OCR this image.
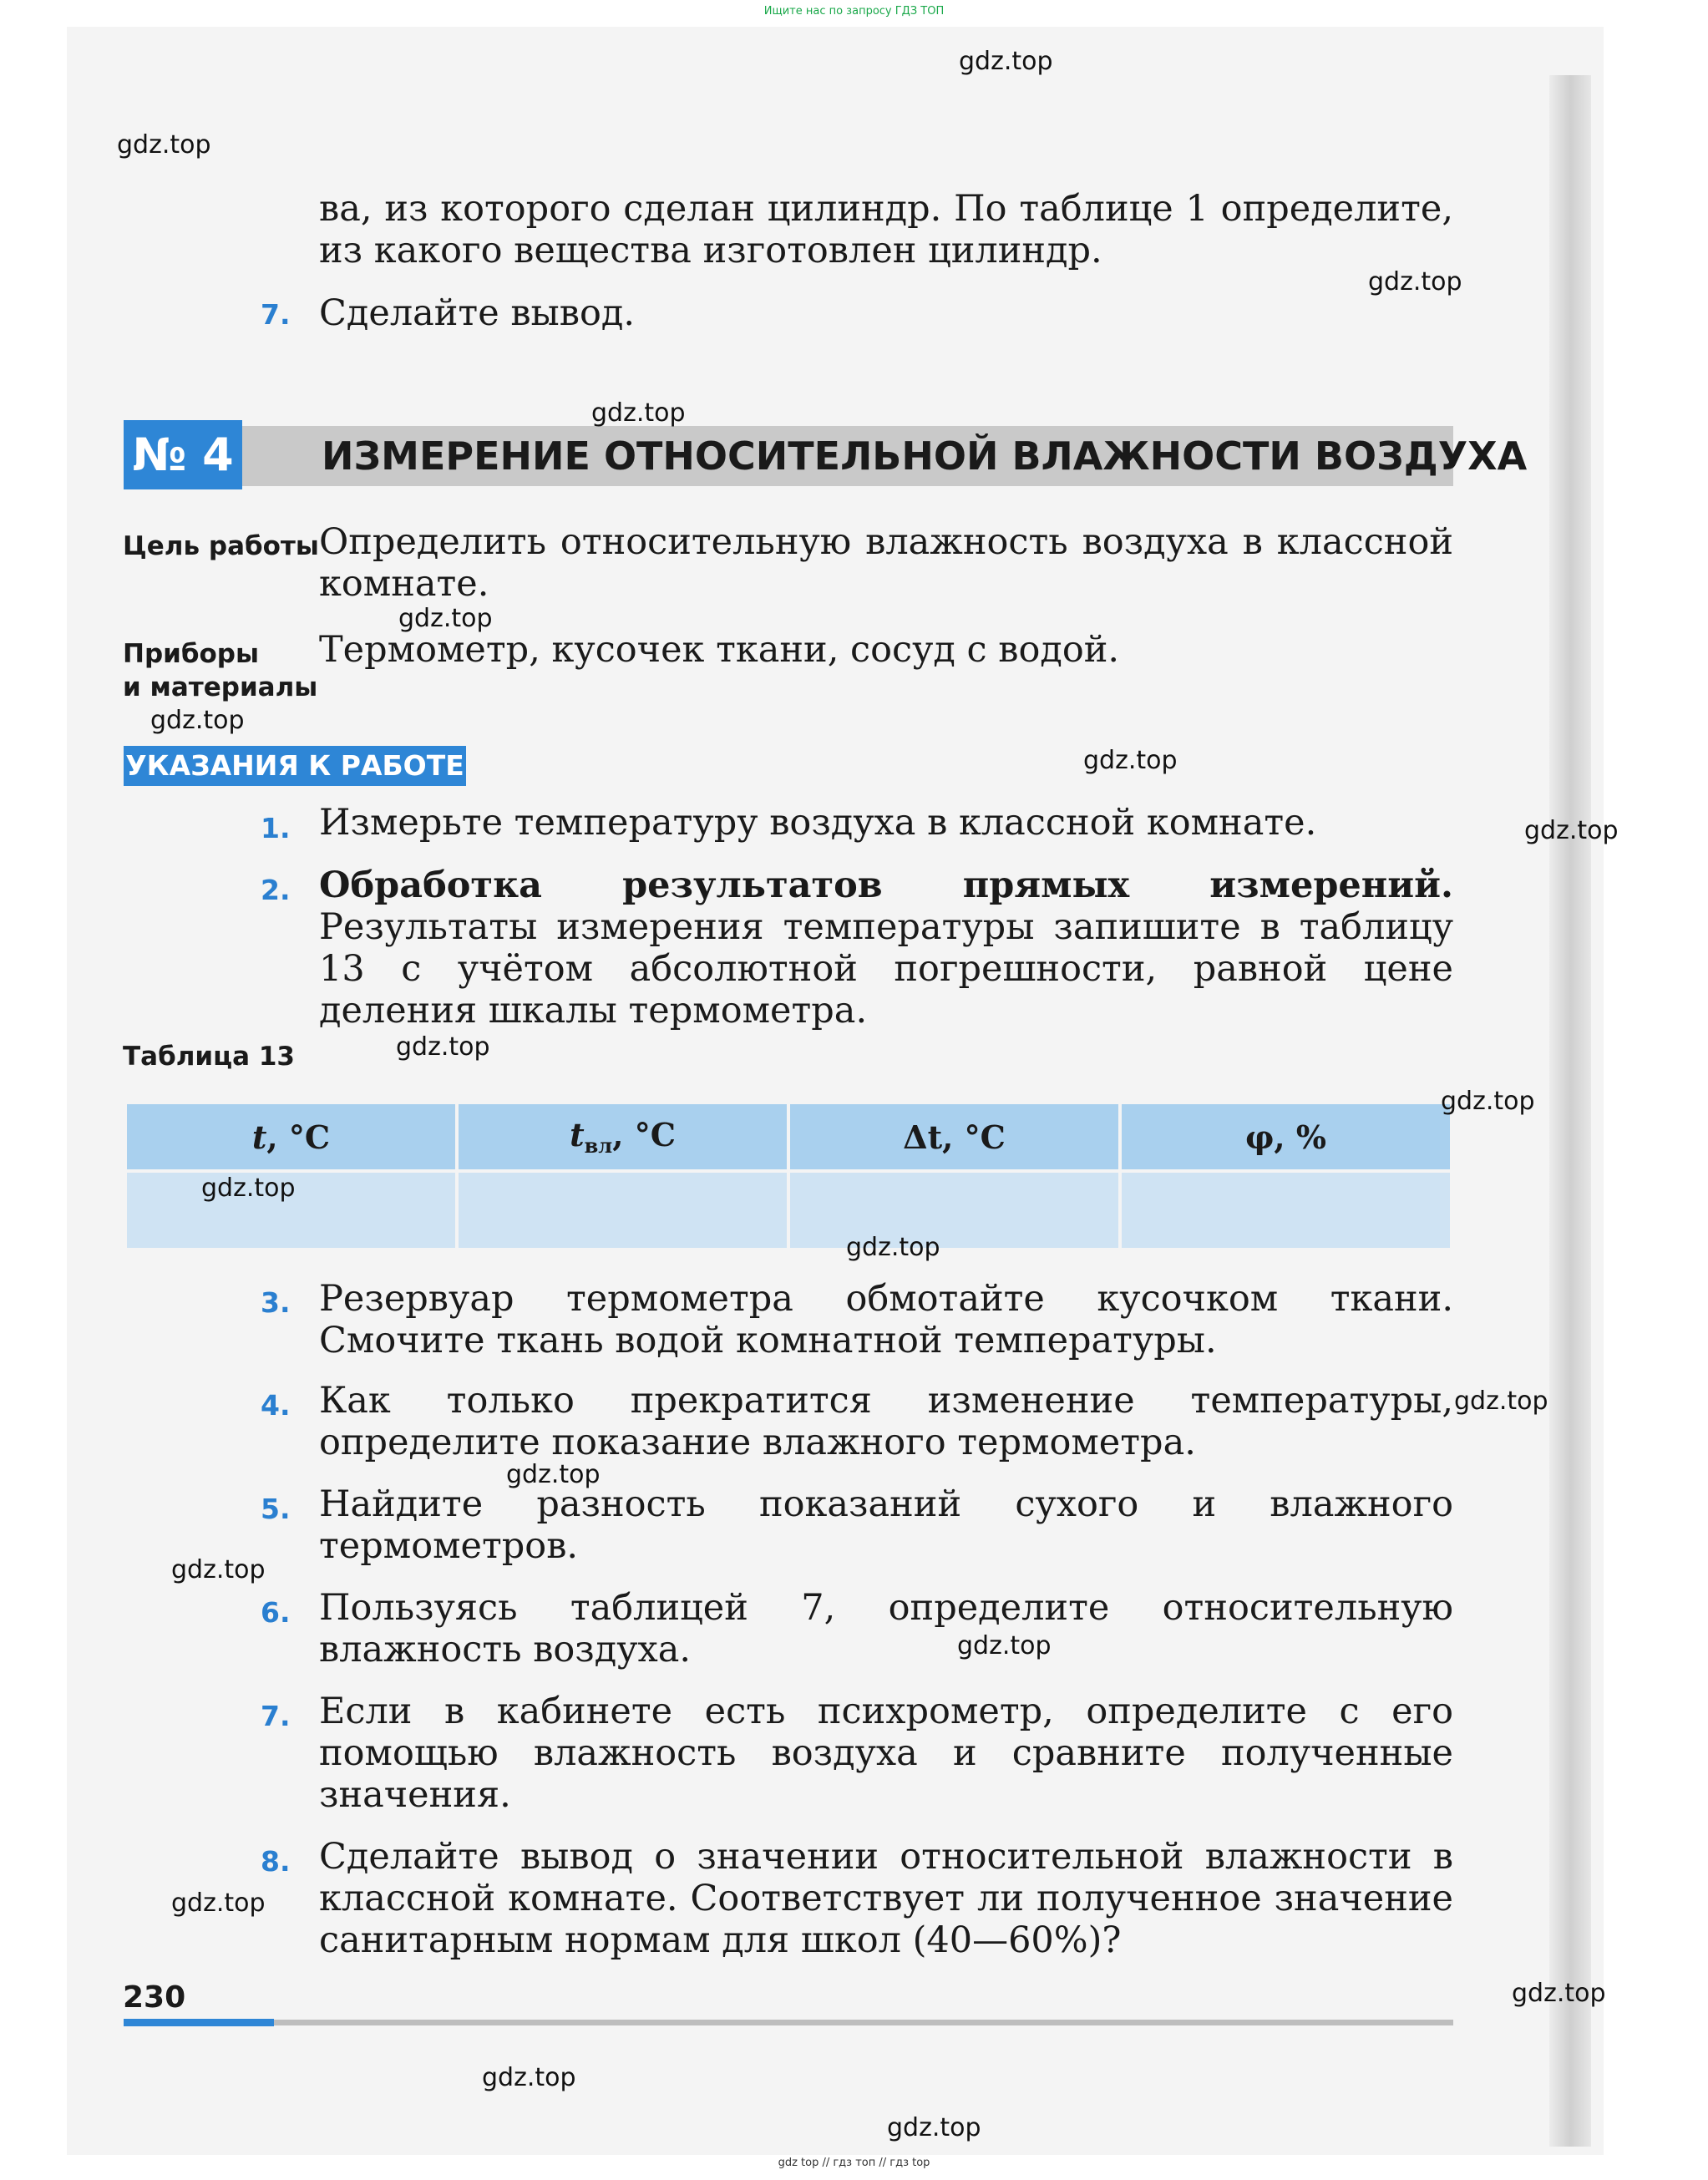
Ищите нас по запросу ГДЗ ТОП
ва, из которого сделан цилиндр. По таблице 1 определите, из какого вещества изготовлен цилиндр.
7. Сделайте вывод.
№ 4 ИЗМЕРЕНИЕ ОТНОСИТЕЛЬНОЙ ВЛАЖНОСТИ ВОЗДУХА
Цель работы Определить относительную влажность воздуха в классной комнате.
Приборы
и материалы
Термометр, кусочек ткани, сосуд с водой.
УКАЗАНИЯ К РАБОТЕ
1. Измерьте температуру воздуха в классной комнате.
2. Обработка результатов прямых измерений. Результаты измерения температуры запишите в таблицу 13 с учётом абсолютной погрешности, равной цене деления шкалы термометра.
Таблица 13
t, °C	$t_{вл}$, °C	Δt, °C	φ, %

3. Резервуар термометра обмотайте кусочком ткани. Смочите ткань водой комнатной температуры.
4. Как только прекратится изменение температуры, определите показание влажного термометра.
5. Найдите разность показаний сухого и влажного термометров.
6. Пользуясь таблицей 7, определите относительную влажность воздуха.
7. Если в кабинете есть психрометр, определите с его помощью влажность воздуха и сравните полученные значения.
8. Сделайте вывод о значении относительной влажности в классной комнате. Соответствует ли полученное значение санитарным нормам для школ (40—60%)?
230
gdz top // гдз топ // гдз top
gdz.top
gdz.top
gdz.top
gdz.top
gdz.top
gdz.top
gdz.top
gdz.top
gdz.top
gdz.top
gdz.top
gdz.top
gdz.top
gdz.top
gdz.top
gdz.top
gdz.top
gdz.top
gdz.top
gdz.top
